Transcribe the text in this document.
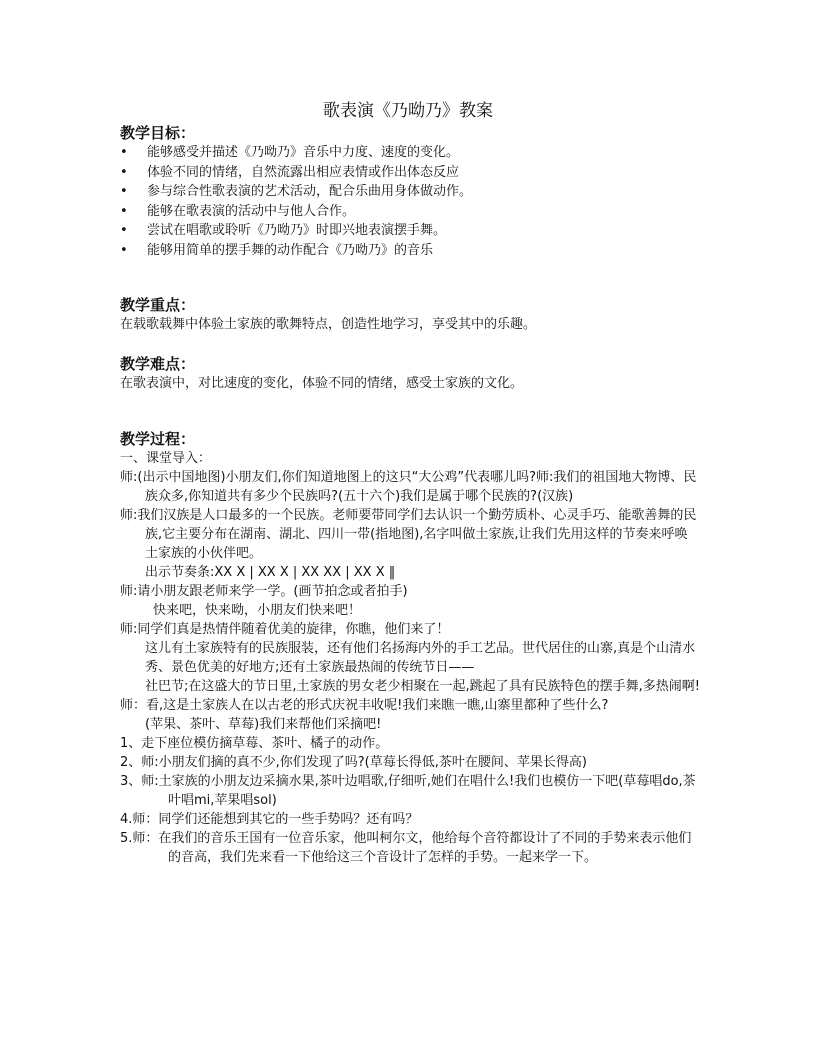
歌表演《乃呦乃》教案
教学目标：
• 能够感受并描述《乃呦乃》音乐中力度、速度的变化。
• 体验不同的情绪，自然流露出相应表情或作出体态反应
• 参与综合性歌表演的艺术活动，配合乐曲用身体做动作。
• 能够在歌表演的活动中与他人合作。
• 尝试在唱歌或聆听《乃呦乃》时即兴地表演摆手舞。
• 能够用简单的摆手舞的动作配合《乃呦乃》的音乐
教学重点：
在载歌载舞中体验土家族的歌舞特点，创造性地学习，享受其中的乐趣。
教学难点：
在歌表演中，对比速度的变化，体验不同的情绪，感受土家族的文化。
教学过程：

一、课堂导入：

师:(出示中国地图)小朋友们,你们知道地图上的这只“大公鸡”代表哪儿吗?师:我们的祖国地大物博、民族众多,你知道共有多少个民族吗?(五十六个)我们是属于哪个民族的?(汉族)

师:我们汉族是人口最多的一个民族。老师要带同学们去认识一个勤劳质朴、心灵手巧、能歌善舞的民族,它主要分布在湖南、湖北、四川一带(指地图),名字叫做土家族,让我们先用这样的节奏来呼唤土家族的小伙伴吧。

出示节奏条:XX X | XX X | XX XX | XX X ‖

师:请小朋友跟老师来学一学。(画节拍念或者拍手)

快来吧，快来呦，小朋友们快来吧！

师:同学们真是热情伴随着优美的旋律，你瞧，他们来了！

这儿有土家族特有的民族服装，还有他们名扬海内外的手工艺品。世代居住的山寨,真是个山清水秀、景色优美的好地方;还有土家族最热闹的传统节日——

社巴节;在这盛大的节日里,土家族的男女老少相聚在一起,跳起了具有民族特色的摆手舞,多热闹啊!

师：看,这是土家族人在以古老的形式庆祝丰收呢!我们来瞧一瞧,山寨里都种了些什么?

(苹果、茶叶、草莓)我们来帮他们采摘吧!

1、走下座位模仿摘草莓、茶叶、橘子的动作。

2、师:小朋友们摘的真不少,你们发现了吗?(草莓长得低,茶叶在腰间、苹果长得高)

3、师:土家族的小朋友边采摘水果,茶叶边唱歌,仔细听,她们在唱什么!我们也模仿一下吧(草莓唱do,茶叶唱mi,苹果唱sol)

4.师：同学们还能想到其它的一些手势吗？还有吗？

5.师：在我们的音乐王国有一位音乐家，他叫柯尔文，他给每个音符都设计了不同的手势来表示他们的音高，我们先来看一下他给这三个音设计了怎样的手势。一起来学一下。
